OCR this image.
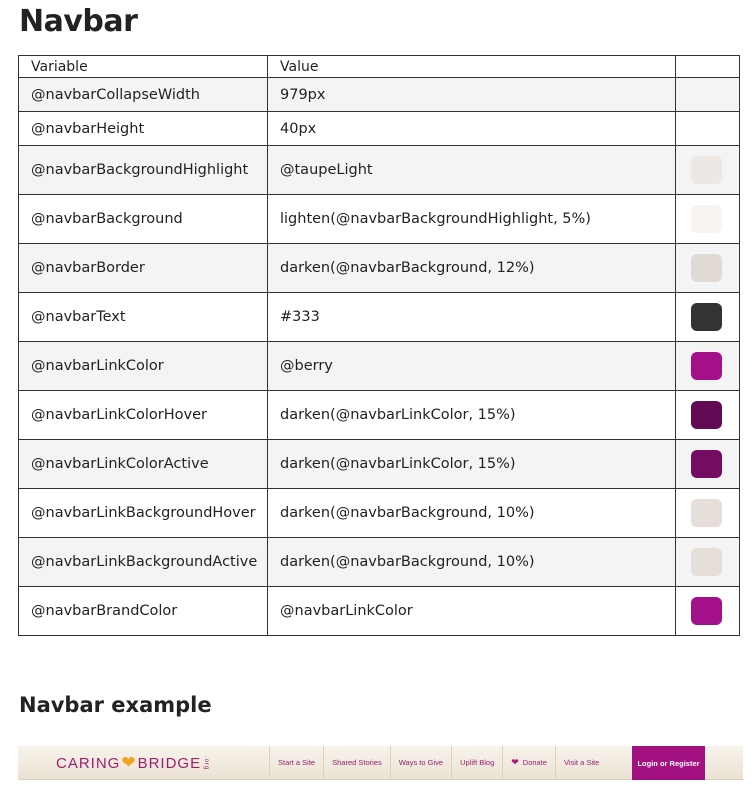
Navbar
Variable	Value	
@navbarCollapseWidth	979px	
@navbarHeight	40px	
@navbarBackgroundHighlight	@taupeLight	

@navbarBackground	lighten(@navbarBackgroundHighlight, 5%)	

@navbarBorder	darken(@navbarBackground, 12%)	

@navbarText	#333	

@navbarLinkColor	@berry	

@navbarLinkColorHover	darken(@navbarLinkColor, 15%)	

@navbarLinkColorActive	darken(@navbarLinkColor, 15%)	

@navbarLinkBackgroundHover	darken(@navbarBackground, 10%)	

@navbarLinkBackgroundActive	darken(@navbarBackground, 10%)	

@navbarBrandColor	@navbarLinkColor	
Navbar example
CARING ❤ BRIDGE .org	Start a Site Shared Stories Ways to Give Uplift Blog ❤ Donate Visit a Site	Login or Register
